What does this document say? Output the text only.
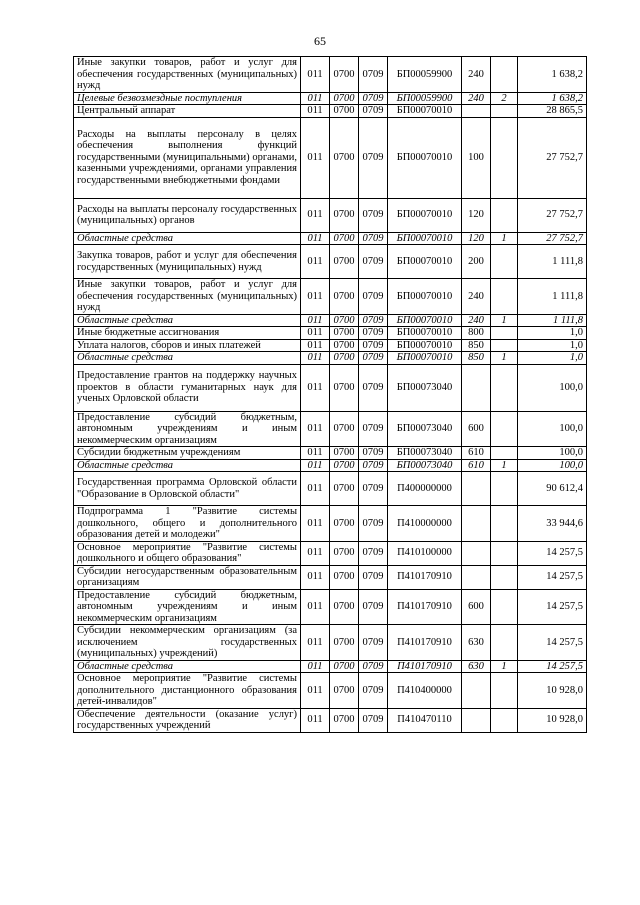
65
Иные закупки товаров, работ и услуг для обеспечения государственных (муниципальных) нужд	011	0700	0709	БП00059900	240		1 638,2
Целевые безвозмездные поступления	011	0700	0709	БП00059900	240	2	1 638,2
Центральный аппарат	011	0700	0709	БП00070010			28 865,5
Расходы на выплаты персоналу в целях обеспечения выполнения функций государственными (муниципальными) органами, казенными учреждениями, органами управления государственными внебюджетными фондами	011	0700	0709	БП00070010	100		27 752,7
Расходы на выплаты персоналу государственных (муниципальных) органов	011	0700	0709	БП00070010	120		27 752,7
Областные средства	011	0700	0709	БП00070010	120	1	27 752,7
Закупка товаров, работ и услуг для обеспечения государственных (муниципальных) нужд	011	0700	0709	БП00070010	200		1 111,8
Иные закупки товаров, работ и услуг для обеспечения государственных (муниципальных) нужд	011	0700	0709	БП00070010	240		1 111,8
Областные средства	011	0700	0709	БП00070010	240	1	1 111,8
Иные бюджетные ассигнования	011	0700	0709	БП00070010	800		1,0
Уплата налогов, сборов и иных платежей	011	0700	0709	БП00070010	850		1,0
Областные средства	011	0700	0709	БП00070010	850	1	1,0
Предоставление грантов на поддержку научных проектов в области гуманитарных наук для ученых Орловской области	011	0700	0709	БП00073040			100,0
Предоставление субсидий бюджетным, автономным учреждениям и иным некоммерческим организациям	011	0700	0709	БП00073040	600		100,0
Субсидии бюджетным учреждениям	011	0700	0709	БП00073040	610		100,0
Областные средства	011	0700	0709	БП00073040	610	1	100,0
Государственная программа Орловской области "Образование в Орловской области"	011	0700	0709	П400000000			90 612,4
Подпрограмма 1 "Развитие системы дошкольного, общего и дополнительного образования детей и молодежи"	011	0700	0709	П410000000			33 944,6
Основное мероприятие "Развитие системы дошкольного и общего образования"	011	0700	0709	П410100000			14 257,5
Субсидии негосударственным образовательным организациям	011	0700	0709	П410170910			14 257,5
Предоставление субсидий бюджетным, автономным учреждениям и иным некоммерческим организациям	011	0700	0709	П410170910	600		14 257,5
Субсидии некоммерческим организациям (за исключением государственных (муниципальных) учреждений)	011	0700	0709	П410170910	630		14 257,5
Областные средства	011	0700	0709	П410170910	630	1	14 257,5
Основное мероприятие "Развитие системы дополнительного дистанционного образования детей-инвалидов"	011	0700	0709	П410400000			10 928,0
Обеспечение деятельности (оказание услуг) государственных учреждений	011	0700	0709	П410470110			10 928,0
